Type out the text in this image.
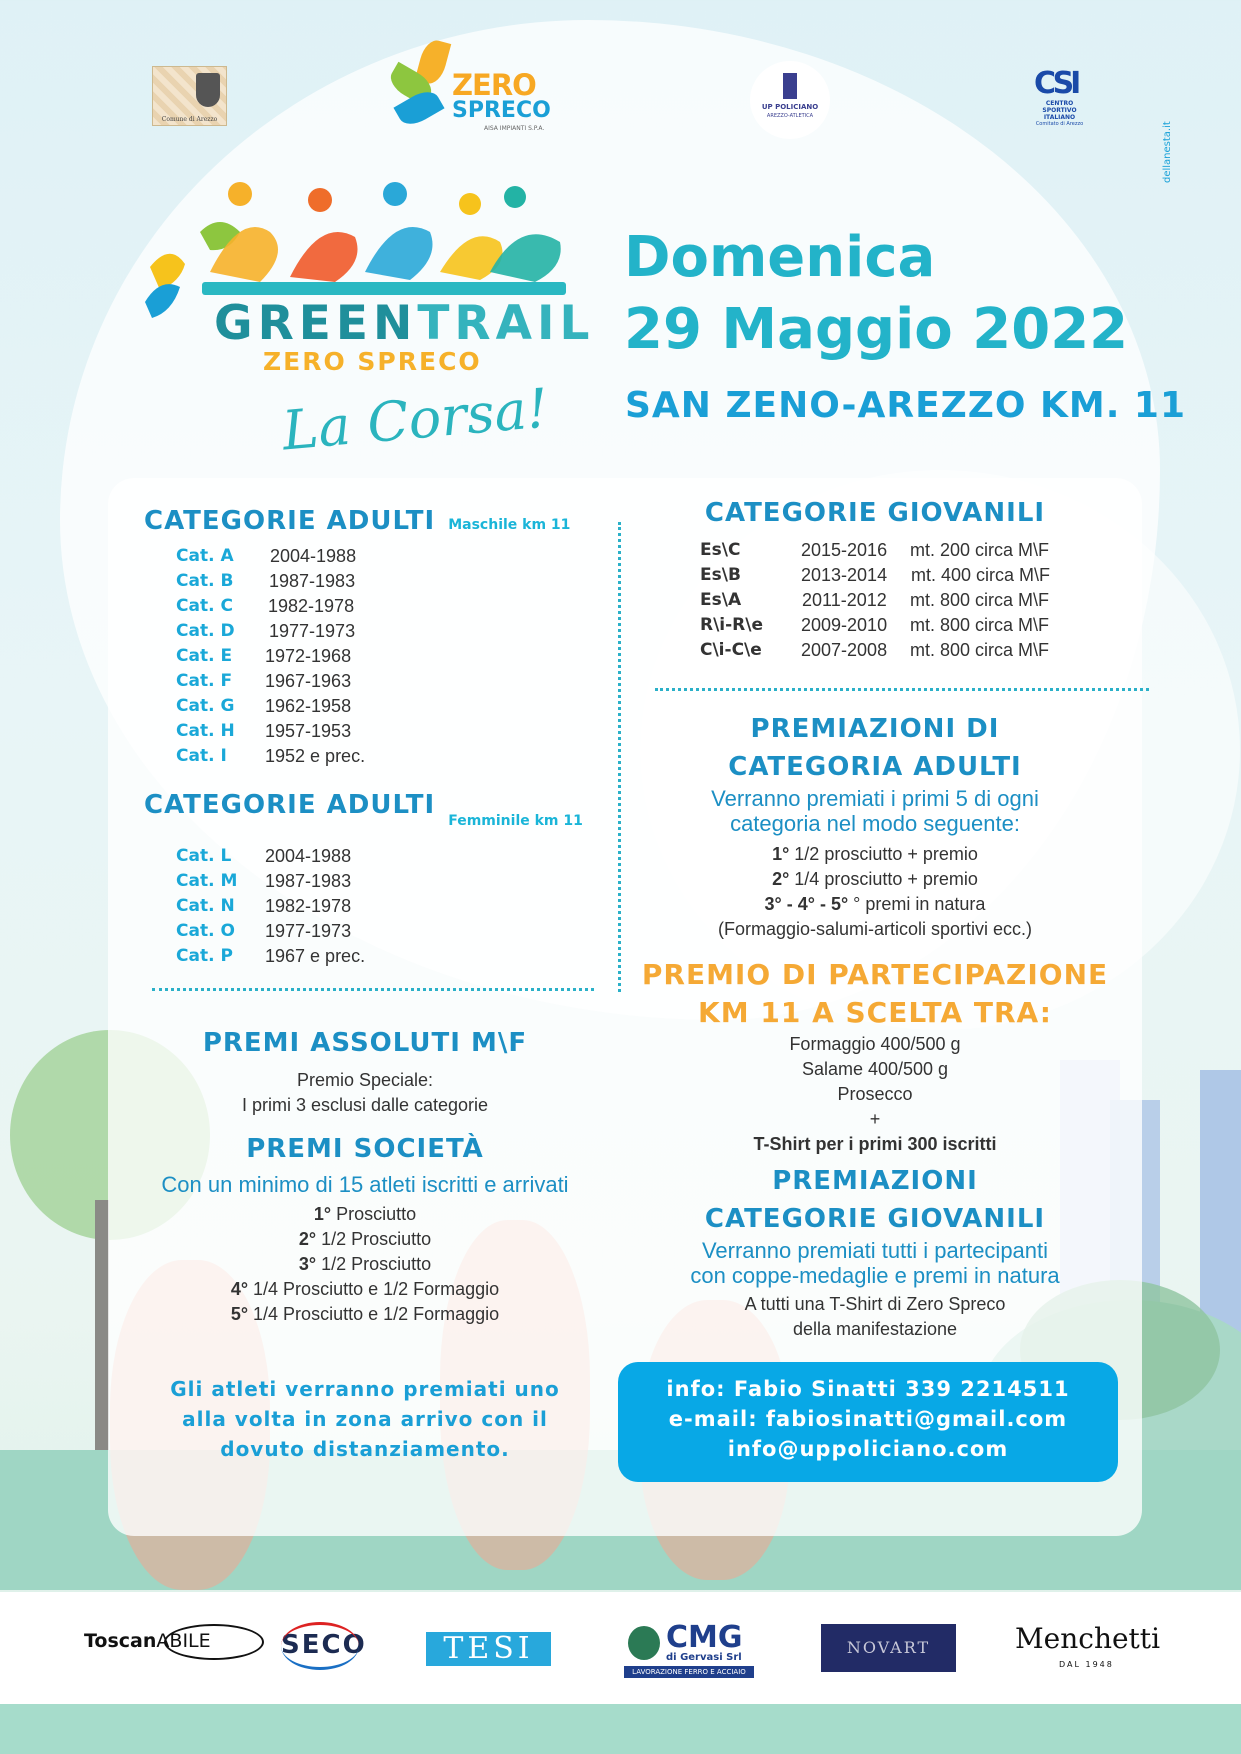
Comune di Arezzo
ZERO
SPRECO
AISA IMPIANTI S.P.A.
UP POLICIANO
AREZZO-ATLETICA
CSI
CENTRO SPORTIVO ITALIANO
Comitato di Arezzo	dellanesta.it
GREENTRAIL
ZERO SPRECO
La Corsa!
Domenica
29 Maggio 2022
SAN ZENO-AREZZO KM. 11
CATEGORIE ADULTI Maschile km 11
Cat. A 2004-1988
Cat. B 1987-1983
Cat. C 1982-1978
Cat. D 1977-1973
Cat. E 1972-1968
Cat. F 1967-1963
Cat. G 1962-1958
Cat. H 1957-1953
Cat. I 1952 e prec.
CATEGORIE ADULTI Femminile km 11
Cat. L 2004-1988
Cat. M 1987-1983
Cat. N 1982-1978
Cat. O 1977-1973
Cat. P 1967 e prec.
CATEGORIE GIOVANILI
Es\C	2015-2016 mt. 200 circa M\F
Es\B	2013-2014 mt. 400 circa M\F
Es\A	2011-2012 mt. 800 circa M\F
R\i-R\e 2009-2010 mt. 800 circa M\F
C\i-C\e 2007-2008 mt. 800 circa M\F
PREMIAZIONI DI
CATEGORIA ADULTI
Verranno premiati i primi 5 di ogni
categoria nel modo seguente:
1° 1/2 prosciutto + premio
2° 1/4 prosciutto + premio
3° - 4° - 5° ° premi in natura
(Formaggio-salumi-articoli sportivi ecc.)
PREMIO DI PARTECIPAZIONE
KM 11 A SCELTA TRA:
Formaggio 400/500 g
Salame 400/500 g
Prosecco
+
T-Shirt per i primi 300 iscritti
PREMIAZIONI
CATEGORIE GIOVANILI
Verranno premiati tutti i partecipanti
con coppe-medaglie e premi in natura
A tutti una T-Shirt di Zero Spreco
della manifestazione
PREMI ASSOLUTI M\F
Premio Speciale:
I primi 3 esclusi dalle categorie
PREMI SOCIETÀ
Con un minimo di 15 atleti iscritti e arrivati
1° Prosciutto
2° 1/2 Prosciutto
3° 1/2 Prosciutto
4° 1/4 Prosciutto e 1/2 Formaggio
5° 1/4 Prosciutto e 1/2 Formaggio
Gli atleti verranno premiati uno
alla volta in zona arrivo con il
dovuto distanziamento.
info: Fabio Sinatti 339 2214511
e-mail: fabiosinatti@gmail.com
info@uppoliciano.com
ToscanABILE	SECO	TESI	CMG
di Gervasi Srl
LAVORAZIONE FERRO E ACCIAIO
NOVART	Menchetti
DAL 1948
